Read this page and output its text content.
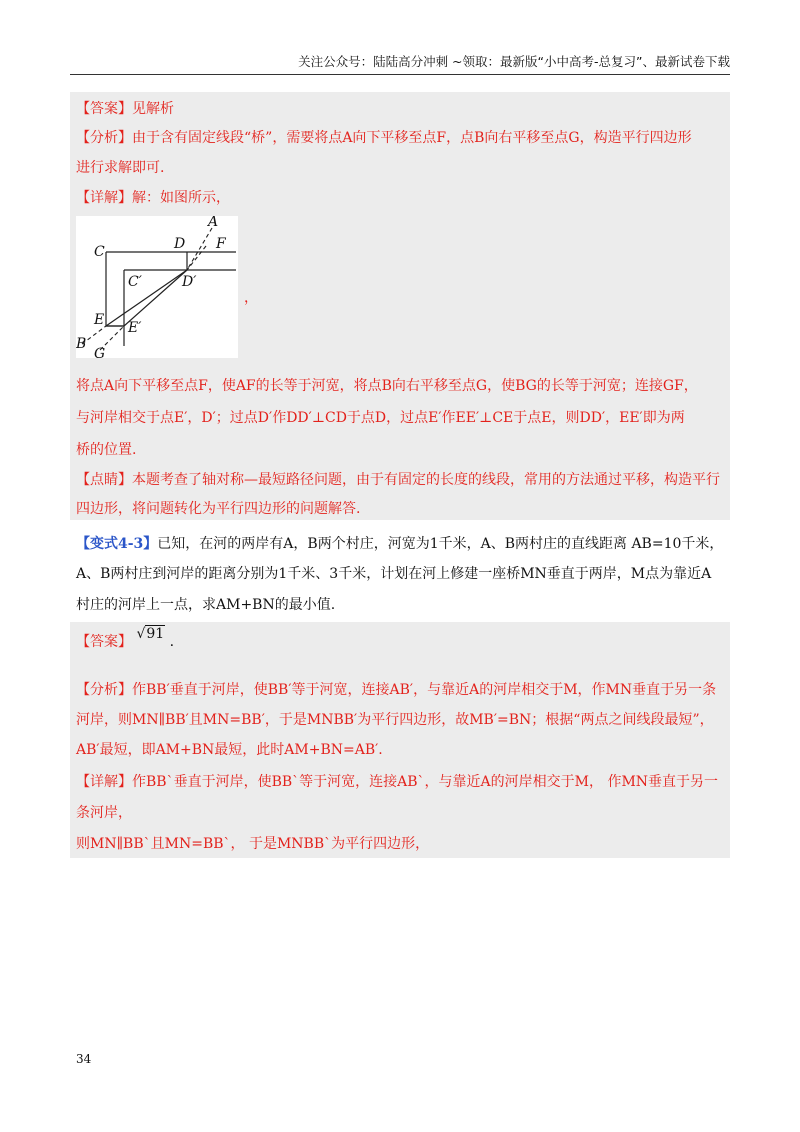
关注公众号：陆陆高分冲刺 ~领取：最新版“小中高考-总复习”、最新试卷下载
【答案】见解析
【分析】由于含有固定线段“桥”，需要将点A向下平移至点F，点B向右平移至点G，构造平行四边形
进行求解即可.
【详解】解：如图所示，
A
F
C	D
C′	D′
E E′
B
G
，
将点A向下平移至点F，使AF的长等于河宽，将点B向右平移至点G，使BG的长等于河宽；连接GF，
与河岸相交于点E′，D′；过点D′作DD′⊥CD于点D，过点E′作EE′⊥CE于点E，则DD′，EE′即为两
桥的位置.
【点睛】本题考查了轴对称—最短路径问题，由于有固定的长度的线段，常用的方法通过平移，构造平行
四边形，将问题转化为平行四边形的问题解答.
【变式4-3】已知，在河的两岸有A，B两个村庄，河宽为1千米，A、B两村庄的直线距离 AB=10千米，
A、B两村庄到河岸的距离分别为1千米、3千米，计划在河上修建一座桥MN垂直于两岸，M点为靠近A
村庄的河岸上一点，求AM+BN的最小值.
【答案】 √91 .
【分析】作BB′垂直于河岸，使BB′等于河宽，连接AB′，与靠近A的河岸相交于M，作MN垂直于另一条
河岸，则MN∥BB′且MN=BB′，于是MNBB′为平行四边形，故MB′=BN；根据“两点之间线段最短”，
AB′最短，即AM+BN最短，此时AM+BN=AB′.
【详解】作BB`垂直于河岸，使BB`等于河宽，连接AB`，与靠近A的河岸相交于M， 作MN垂直于另一
条河岸，
则MN∥BB`且MN=BB`， 于是MNBB`为平行四边形，
34
